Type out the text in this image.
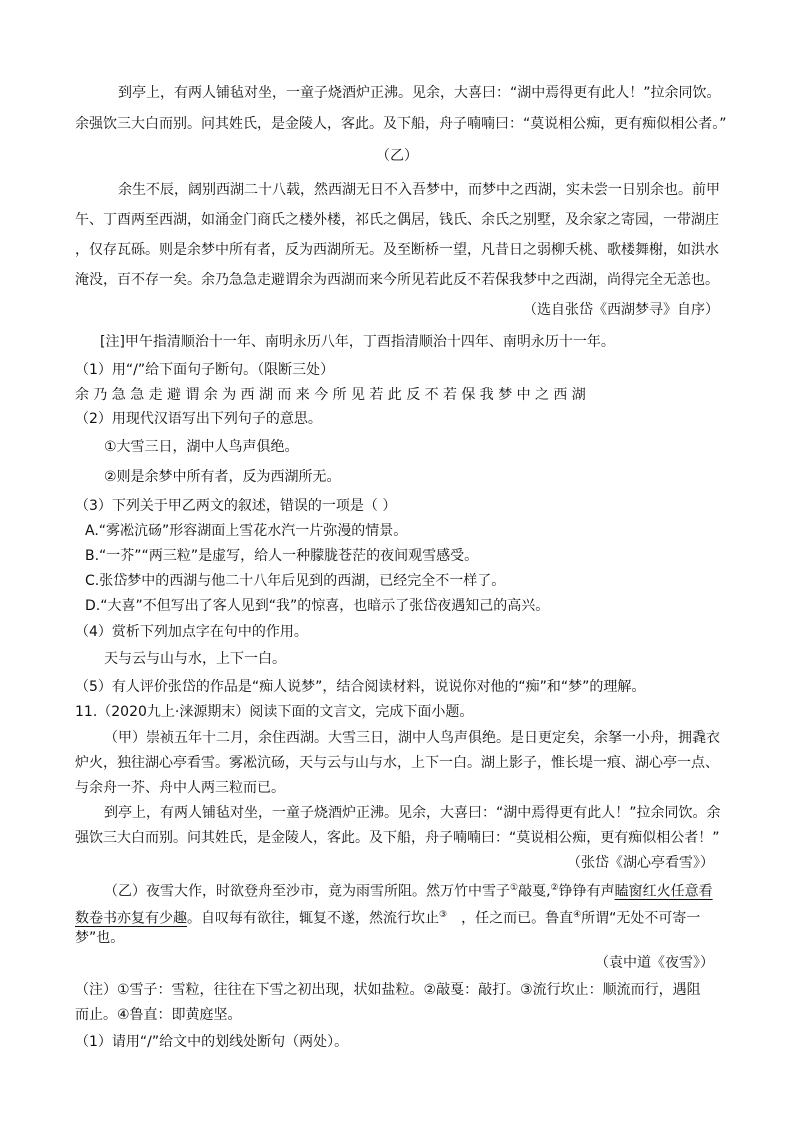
到亭上，有两人铺毡对坐，一童子烧酒炉正沸。见余，大喜曰：“湖中焉得更有此人！”拉余同饮。
余强饮三大白而别。问其姓氏，是金陵人，客此。及下船，舟子喃喃曰：“莫说相公痴，更有痴似相公者。”
（乙）
余生不辰，阔别西湖二十八载，然西湖无日不入吾梦中，而梦中之西湖，实未尝一日别余也。前甲
午、丁酉两至西湖，如涌金门商氏之楼外楼，祁氏之偶居，钱氏、余氏之别墅，及余家之寄园，一带湖庄
，仅存瓦砾。则是余梦中所有者，反为西湖所无。及至断桥一望，凡昔日之弱柳夭桃、歌楼舞榭，如洪水
淹没，百不存一矣。余乃急急走避谓余为西湖而来今所见若此反不若保我梦中之西湖，尚得完全无恙也。
（选自张岱《西湖梦寻》自序）
[注]甲午指清顺治十一年、南明永历八年，丁酉指清顺治十四年、南明永历十一年。
（1）用“/”给下面句子断句。（限断三处）
余乃急急走避谓余为西湖而来今所见若此反不若保我梦中之西湖
（2）用现代汉语写出下列句子的意思。
①大雪三日，湖中人鸟声俱绝。
②则是余梦中所有者，反为西湖所无。
（3）下列关于甲乙两文的叙述，错误的一项是（ ）
A.“雾凇沆砀”形容湖面上雪花水汽一片弥漫的情景。
B.“一芥”“两三粒”是虚写，给人一种朦胧苍茫的夜间观雪感受。
C.张岱梦中的西湖与他二十八年后见到的西湖，已经完全不一样了。
D.“大喜”不但写出了客人见到“我”的惊喜，也暗示了张岱夜遇知己的高兴。
（4）赏析下列加点字在句中的作用。
天与云与山与水，上下一白。
（5）有人评价张岱的作品是“痴人说梦”，结合阅读材料，说说你对他的“痴”和“梦”的理解。
11.（2020九上·涞源期末）阅读下面的文言文，完成下面小题。
（甲）崇祯五年十二月，余住西湖。大雪三日，湖中人鸟声俱绝。是日更定矣，余拏一小舟，拥毳衣
炉火，独往湖心亭看雪。雾凇沆砀，天与云与山与水，上下一白。湖上影子，惟长堤一痕、湖心亭一点、
与余舟一芥、舟中人两三粒而已。
到亭上，有两人铺毡对坐，一童子烧酒炉正沸。见余，大喜曰：“湖中焉得更有此人！”拉余同饮。余
强饮三大白而别。问其姓氏，是金陵人，客此。及下船，舟子喃喃曰：“莫说相公痴，更有痴似相公者！”
（张岱《湖心亭看雪》）
（乙）夜雪大作，时欲登舟至沙市，竟为雨雪所阻。然万竹中雪子①敲戛,②铮铮有声瞌窗红火任意看
数卷书亦复有少趣。自叹每有欲往，辄复不遂，然流行坎止③ ，任之而已。鲁直④所谓“无处不可寄一
梦”也。
（袁中道《夜雪》）
（注）①雪子：雪粒，往往在下雪之初出现，状如盐粒。②敲戛：敲打。③流行坎止：顺流而行，遇阻
而止。④鲁直：即黄庭坚。
（1）请用“/”给文中的划线处断句（两处）。
